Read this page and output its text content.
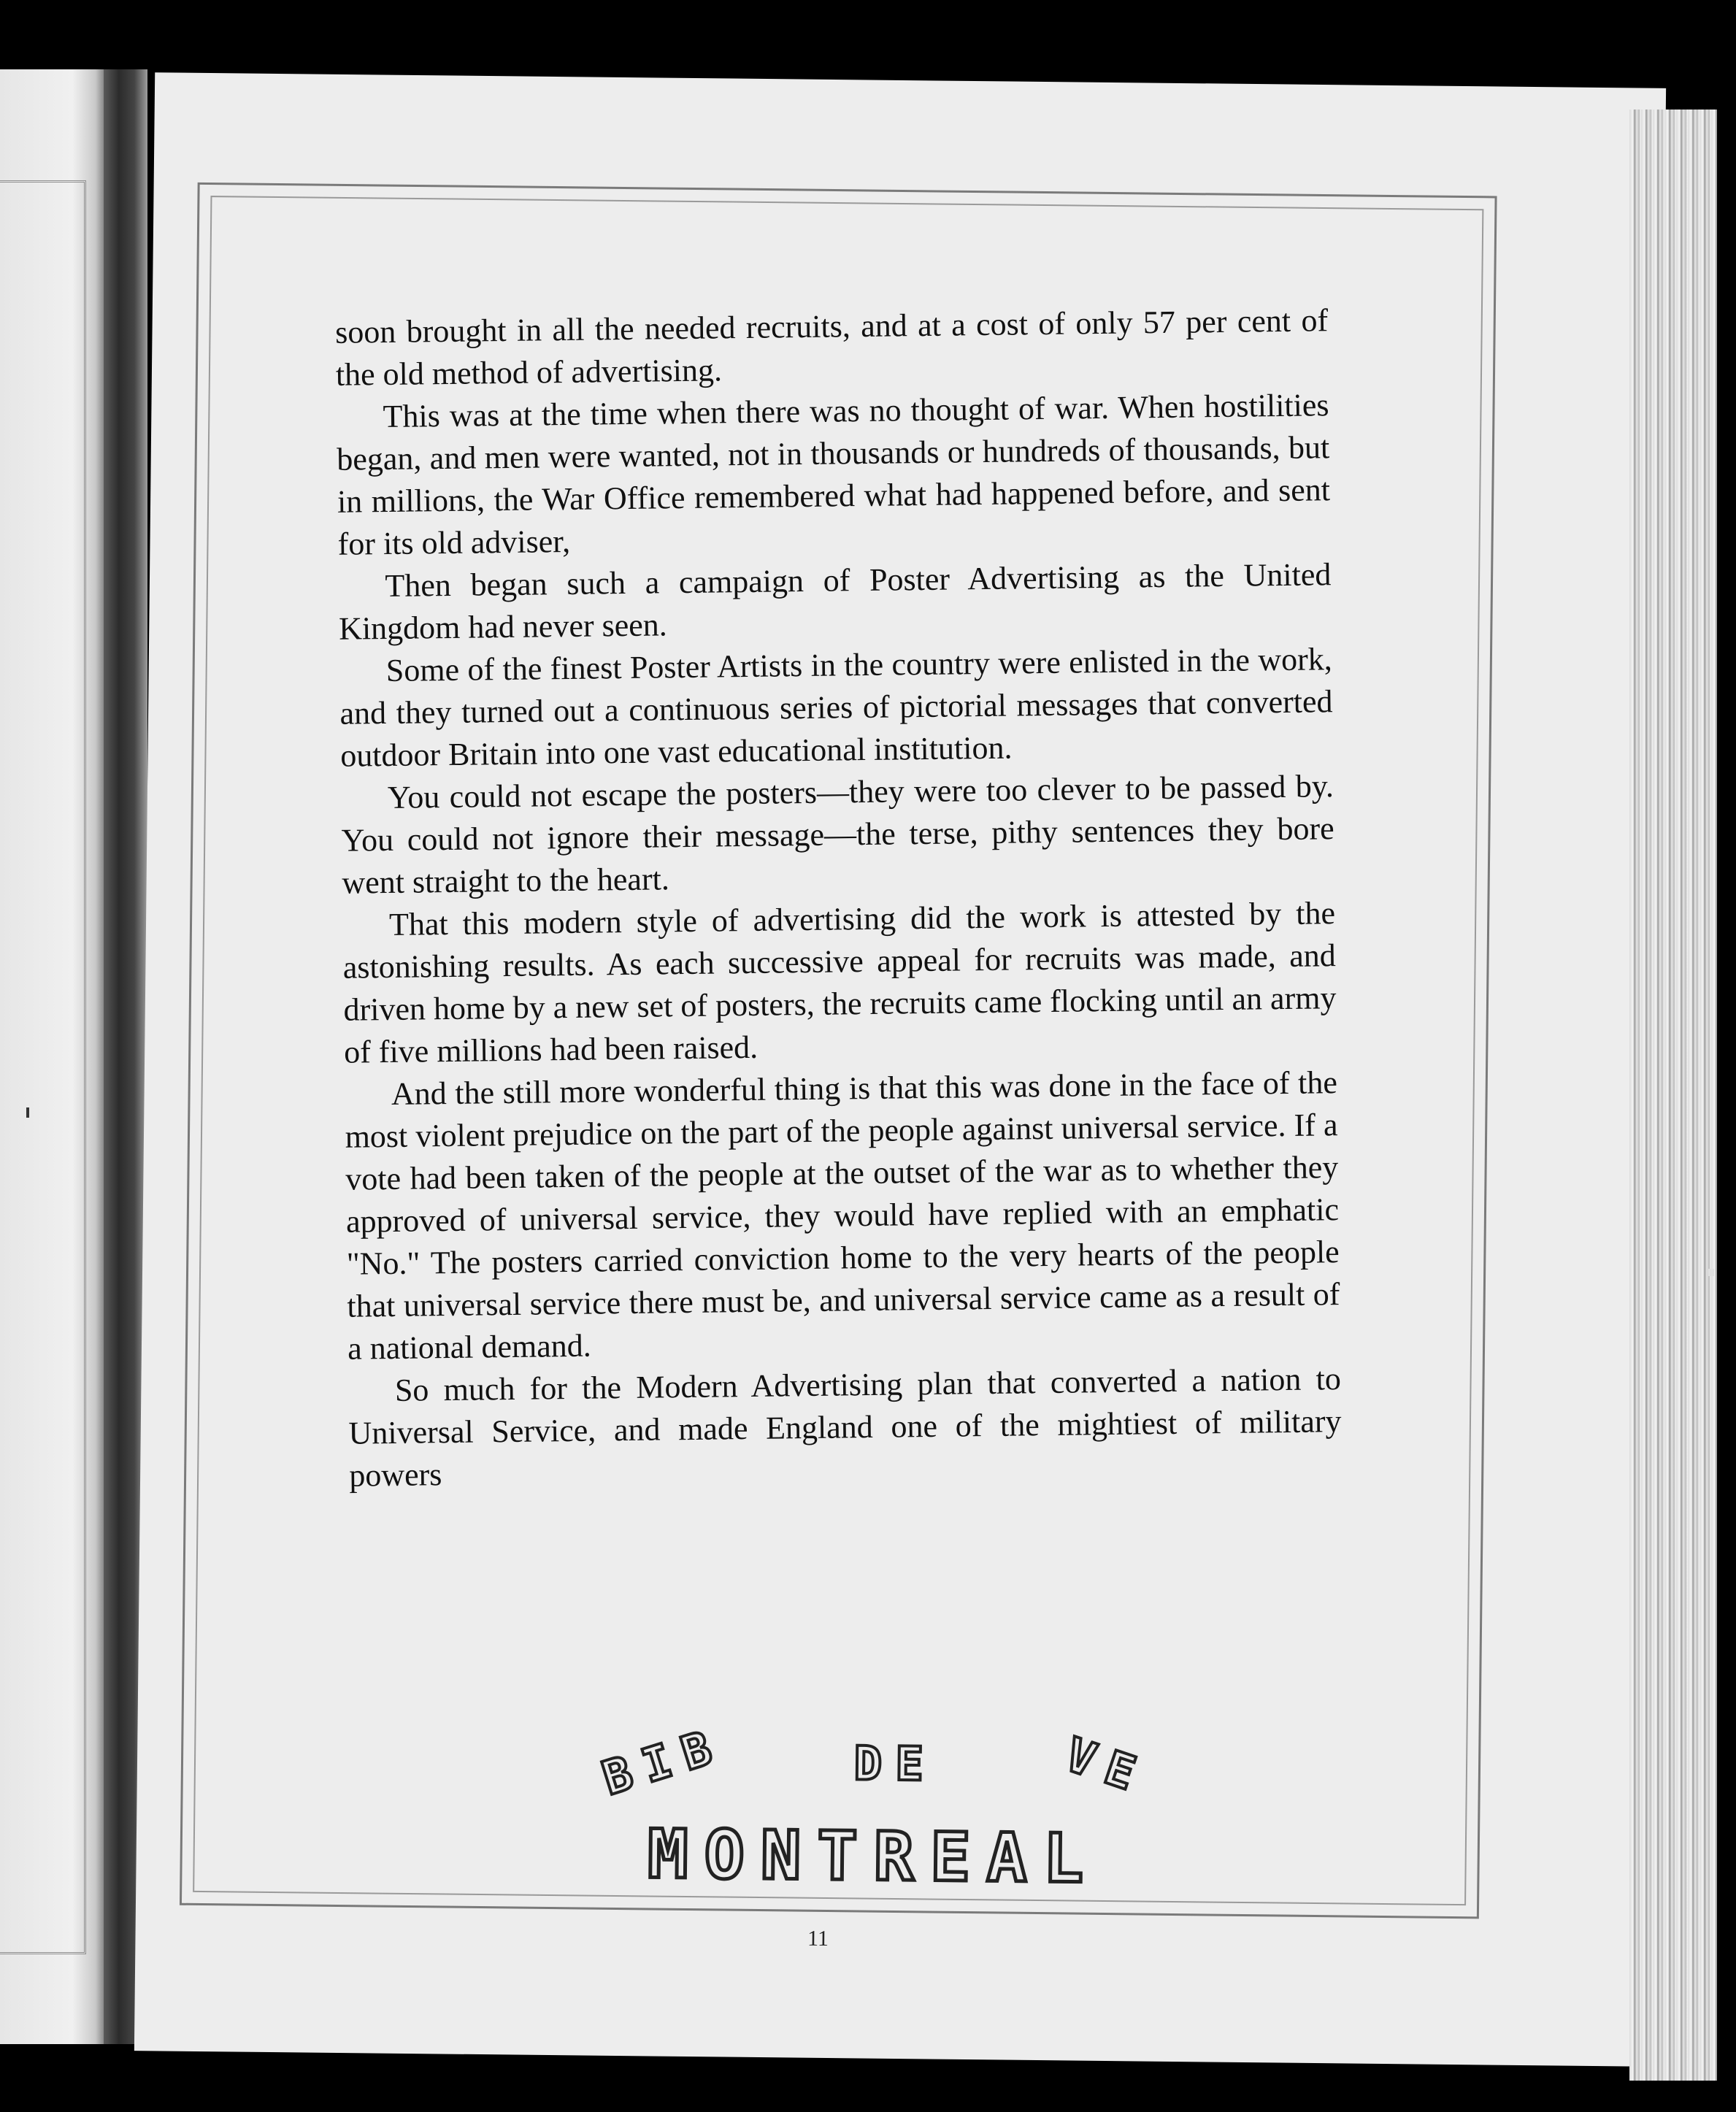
soon brought in all the needed recruits, and at a cost of only 57 per cent of the old method of advertising.

This was at the time when there was no thought of war. When hostilities began, and men were wanted, not in thousands or hundreds of thousands, but in millions, the War Office remembered what had happened before, and sent for its old adviser,

Then began such a campaign of Poster Advertising as the United Kingdom had never seen.

Some of the finest Poster Artists in the country were enlisted in the work, and they turned out a continuous series of pictorial messages that converted outdoor Britain into one vast educational institution.

You could not escape the posters—they were too clever to be passed by. You could not ignore their message—the terse, pithy sentences they bore went straight to the heart.

That this modern style of advertising did the work is attested by the astonishing results. As each successive appeal for recruits was made, and driven home by a new set of posters, the recruits came flocking until an army of five millions had been raised.

And the still more wonderful thing is that this was done in the face of the most violent prejudice on the part of the people against universal service. If a vote had been taken of the people at the outset of the war as to whether they approved of universal service, they would have replied with an emphatic "No." The posters carried conviction home to the very hearts of the people that universal service there must be, and universal service came as a result of a national demand.

So much for the Modern Advertising plan that converted a nation to Universal Service, and made England one of the mightiest of military powers

BIB	DE	VE
MONTREAL
11
